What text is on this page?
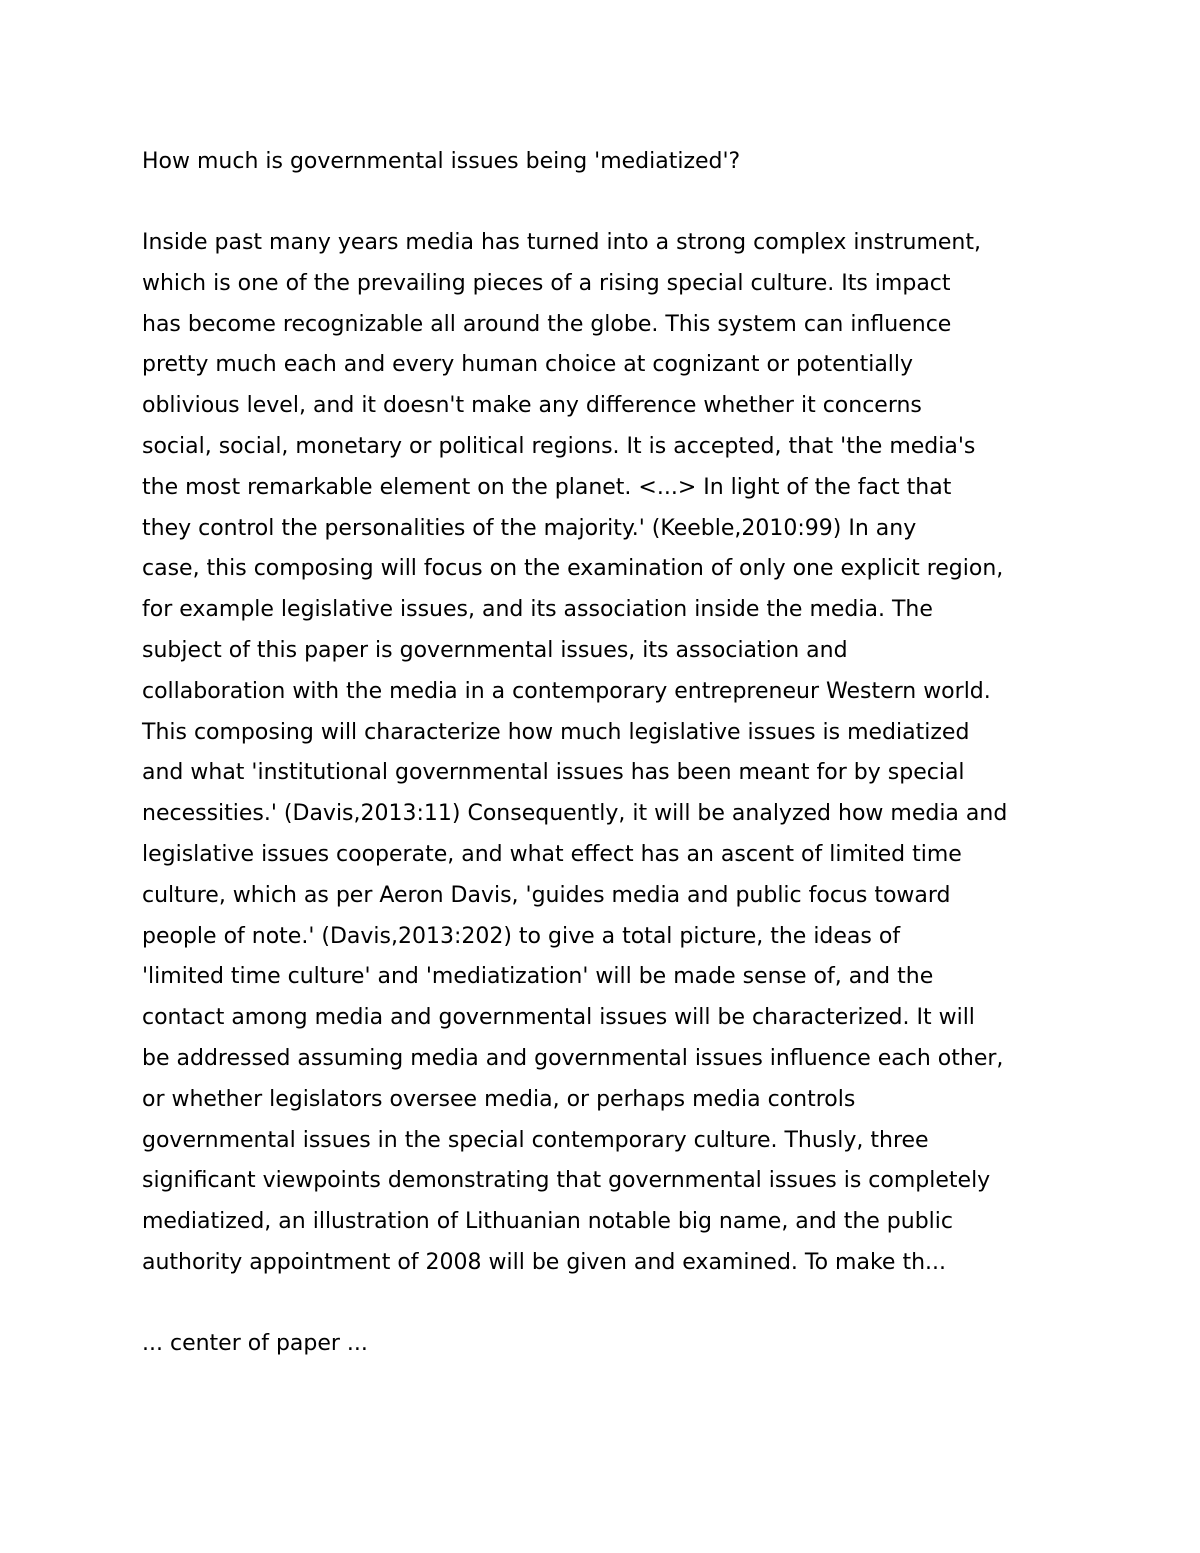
How much is governmental issues being 'mediatized'?

Inside past many years media has turned into a strong complex instrument,
which is one of the prevailing pieces of a rising special culture. Its impact
has become recognizable all around the globe. This system can influence
pretty much each and every human choice at cognizant or potentially
oblivious level, and it doesn't make any difference whether it concerns
social, social, monetary or political regions. It is accepted, that 'the media's
the most remarkable element on the planet. <...> In light of the fact that
they control the personalities of the majority.' (Keeble,2010:99) In any
case, this composing will focus on the examination of only one explicit region,
for example legislative issues, and its association inside the media. The
subject of this paper is governmental issues, its association and
collaboration with the media in a contemporary entrepreneur Western world.
This composing will characterize how much legislative issues is mediatized
and what 'institutional governmental issues has been meant for by special
necessities.' (Davis,2013:11) Consequently, it will be analyzed how media and
legislative issues cooperate, and what effect has an ascent of limited time
culture, which as per Aeron Davis, 'guides media and public focus toward
people of note.' (Davis,2013:202) to give a total picture, the ideas of
'limited time culture' and 'mediatization' will be made sense of, and the
contact among media and governmental issues will be characterized. It will
be addressed assuming media and governmental issues influence each other,
or whether legislators oversee media, or perhaps media controls
governmental issues in the special contemporary culture. Thusly, three
significant viewpoints demonstrating that governmental issues is completely
mediatized, an illustration of Lithuanian notable big name, and the public
authority appointment of 2008 will be given and examined. To make th...

... center of paper ...
